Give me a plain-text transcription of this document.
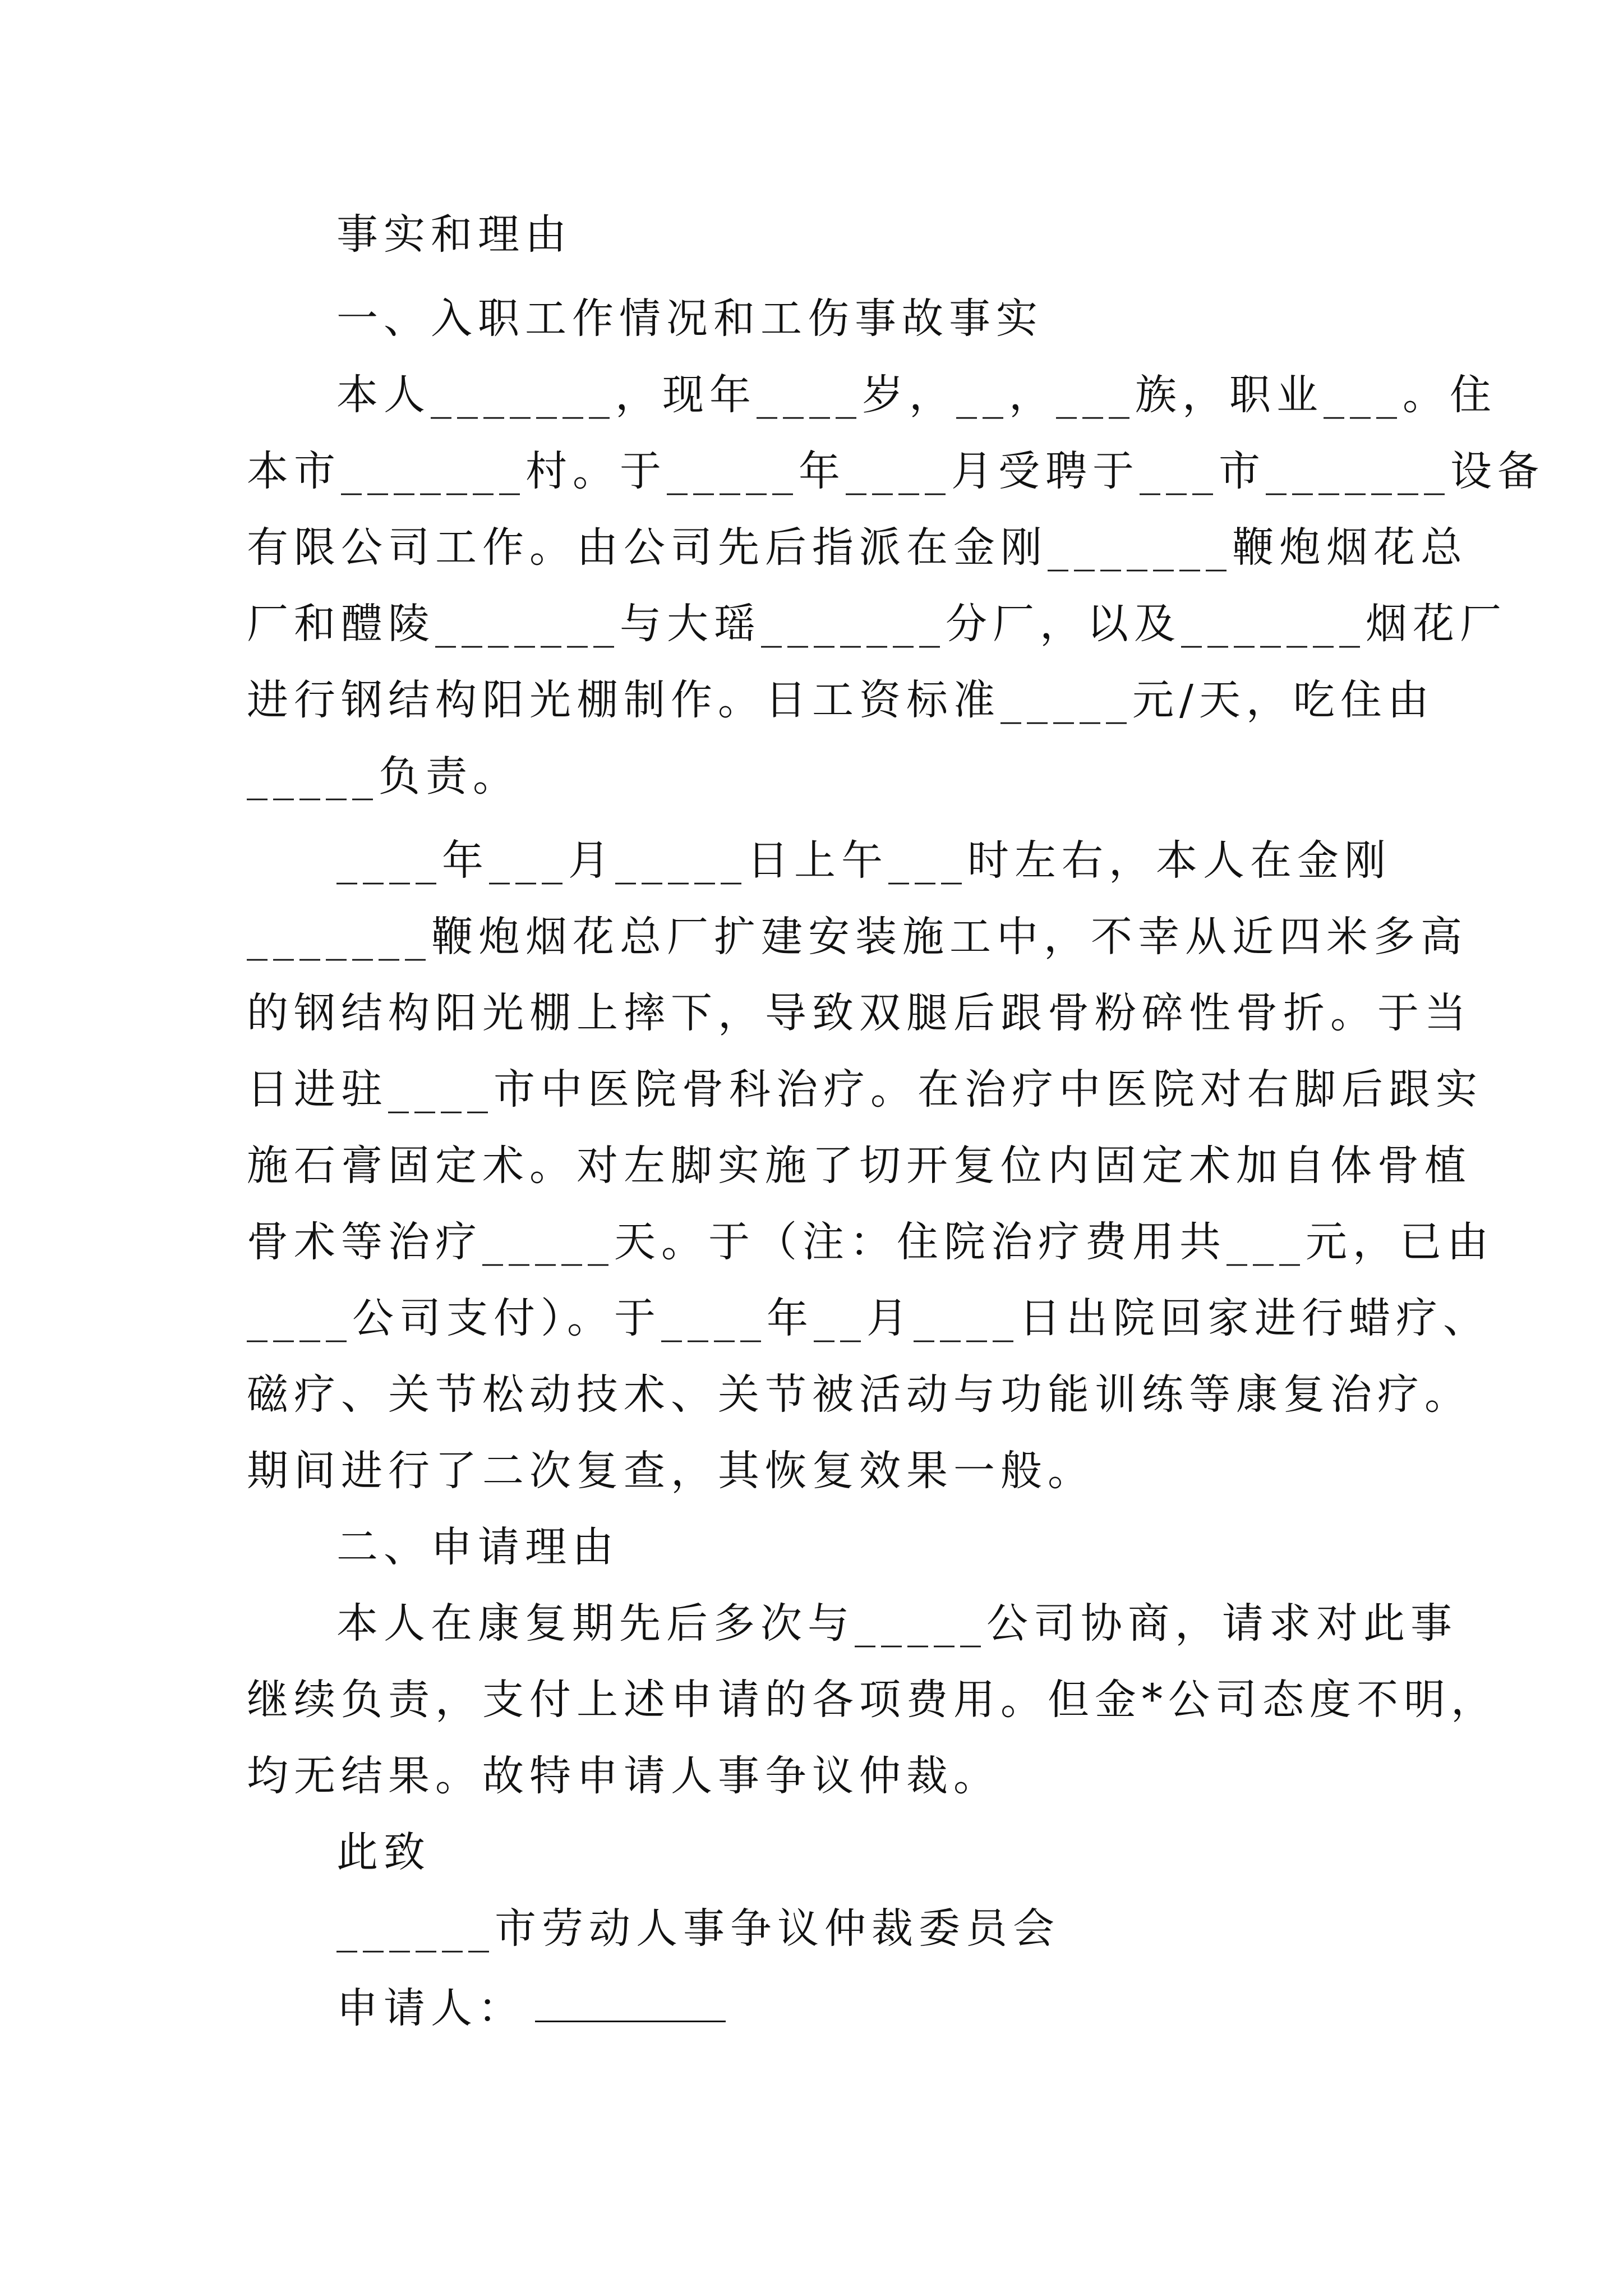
事实和理由
一、入职工作情况和工伤事故事实
本人_______，现年____岁，__，___族，职业___。住
本市_______村。于_____年____月受聘于___市_______设备
有限公司工作。由公司先后指派在金刚_______鞭炮烟花总
厂和醴陵_______与大瑶_______分厂，以及_______烟花厂
进行钢结构阳光棚制作。日工资标准_____元/天，吃住由
_____负责。
____年___月_____日上午___时左右，本人在金刚
_______鞭炮烟花总厂扩建安装施工中，不幸从近四米多高
的钢结构阳光棚上摔下，导致双腿后跟骨粉碎性骨折。于当
日进驻____市中医院骨科治疗。在治疗中医院对右脚后跟实
施石膏固定术。对左脚实施了切开复位内固定术加自体骨植
骨术等治疗_____天。于（注：住院治疗费用共___元，已由
____公司支付）。于____年__月____日出院回家进行蜡疗、
磁疗、关节松动技术、关节被活动与功能训练等康复治疗。
期间进行了二次复查，其恢复效果一般。
二、申请理由
本人在康复期先后多次与_____公司协商，请求对此事
继续负责，支付上述申请的各项费用。但金*公司态度不明，
均无结果。故特申请人事争议仲裁。
此致
______市劳动人事争议仲裁委员会
申请人：
